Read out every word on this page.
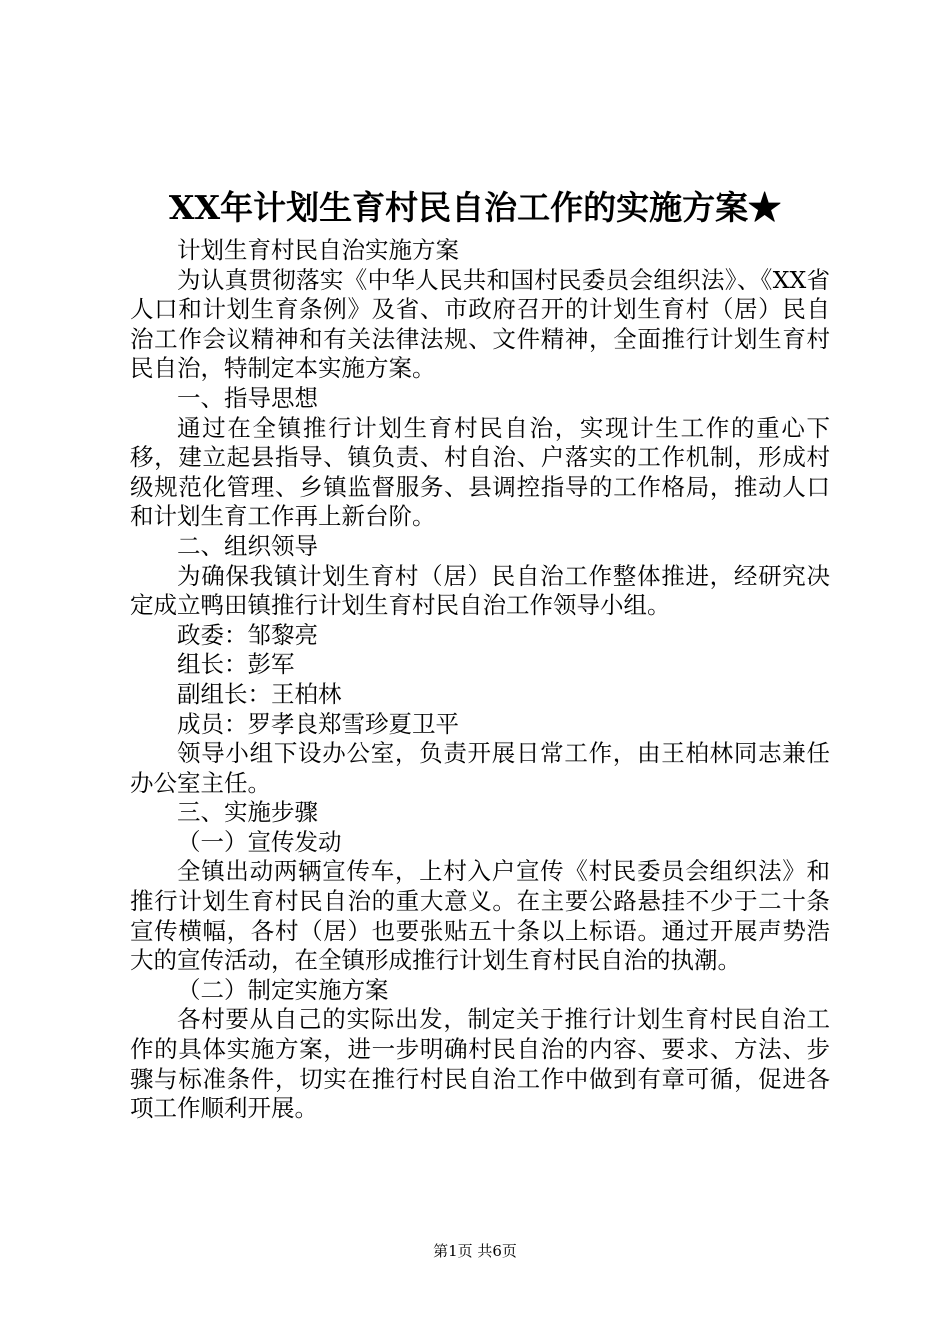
XX年计划生育村民自治工作的实施方案★

计划生育村民自治实施方案

为认真贯彻落实《中华人民共和国村民委员会组织法》、《XX省人口和计划生育条例》及省、市政府召开的计划生育村（居）民自治工作会议精神和有关法律法规、文件精神，全面推行计划生育村民自治，特制定本实施方案。

一、指导思想

通过在全镇推行计划生育村民自治，实现计生工作的重心下移，建立起县指导、镇负责、村自治、户落实的工作机制，形成村级规范化管理、乡镇监督服务、县调控指导的工作格局，推动人口和计划生育工作再上新台阶。

二、组织领导

为确保我镇计划生育村（居）民自治工作整体推进，经研究决定成立鸭田镇推行计划生育村民自治工作领导小组。

政委：邹黎亮

组长：彭军

副组长：王柏林

成员：罗孝良郑雪珍夏卫平

领导小组下设办公室，负责开展日常工作，由王柏林同志兼任办公室主任。

三、实施步骤

（一）宣传发动

全镇出动两辆宣传车，上村入户宣传《村民委员会组织法》和推行计划生育村民自治的重大意义。在主要公路悬挂不少于二十条宣传横幅，各村（居）也要张贴五十条以上标语。通过开展声势浩大的宣传活动，在全镇形成推行计划生育村民自治的执潮。

（二）制定实施方案

各村要从自己的实际出发，制定关于推行计划生育村民自治工作的具体实施方案，进一步明确村民自治的内容、要求、方法、步骤与标准条件，切实在推行村民自治工作中做到有章可循，促进各项工作顺利开展。

第1页 共6页
